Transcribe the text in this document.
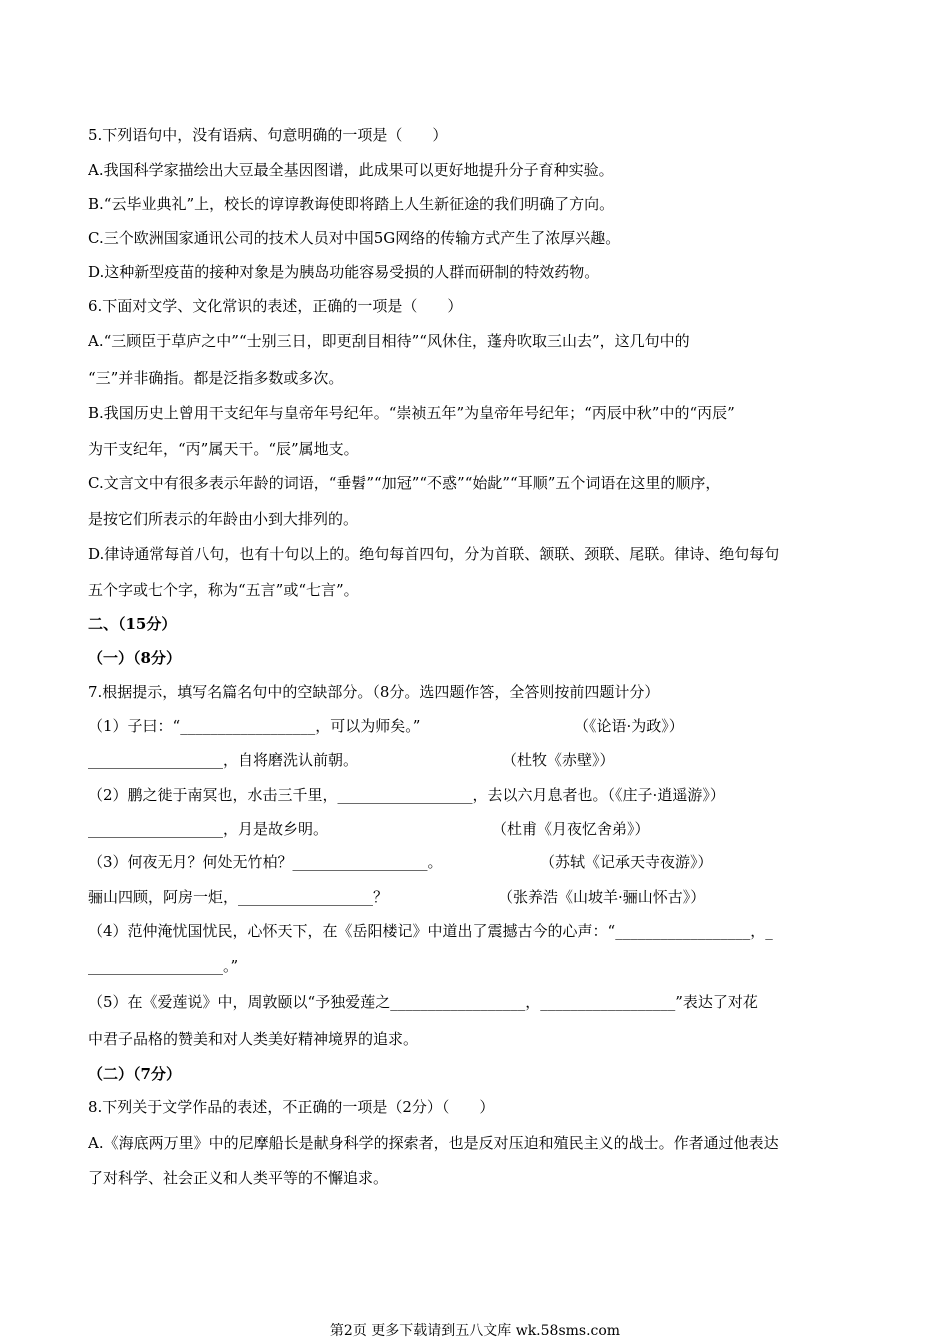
5.下列语句中，没有语病、句意明确的一项是（　　）
A.我国科学家描绘出大豆最全基因图谱，此成果可以更好地提升分子育种实验。
B.“云毕业典礼”上，校长的谆谆教诲使即将踏上人生新征途的我们明确了方向。
C.三个欧洲国家通讯公司的技术人员对中国5G网络的传输方式产生了浓厚兴趣。
D.这种新型疫苗的接种对象是为胰岛功能容易受损的人群而研制的特效药物。
6.下面对文学、文化常识的表述，正确的一项是（　　）
A.“三顾臣于草庐之中”“士别三日，即更刮目相待”“风休住，蓬舟吹取三山去”，这几句中的
“三”并非确指。都是泛指多数或多次。
B.我国历史上曾用干支纪年与皇帝年号纪年。“崇祯五年”为皇帝年号纪年；“丙辰中秋”中的“丙辰”
为干支纪年，“丙”属天干。“辰”属地支。
C.文言文中有很多表示年龄的词语，“垂髫”“加冠”“不惑”“始龀”“耳顺”五个词语在这里的顺序，
是按它们所表示的年龄由小到大排列的。
D.律诗通常每首八句，也有十句以上的。绝句每首四句，分为首联、颔联、颈联、尾联。律诗、绝句每句
五个字或七个字，称为“五言”或“七言”。
二、（15分）
（一）（8分）
7.根据提示，填写名篇名句中的空缺部分。（8分。选四题作答，全答则按前四题计分）
（1）子曰：“__________________，可以为师矣。”	（《论语·为政》）
__________________，自将磨洗认前朝。	（杜牧《赤壁》）
（2）鹏之徙于南冥也，水击三千里，__________________，去以六月息者也。（《庄子·逍遥游》）
__________________，月是故乡明。	（杜甫《月夜忆舍弟》）
（3）何夜无月？何处无竹柏？__________________。	（苏轼《记承天寺夜游》）
骊山四顾，阿房一炬，__________________？	（张养浩《山坡羊·骊山怀古》）
（4）范仲淹忧国忧民，心怀天下，在《岳阳楼记》中道出了震撼古今的心声：“__________________，_
__________________。”
（5）在《爱莲说》中，周敦颐以“予独爱莲之__________________，__________________”表达了对花
中君子品格的赞美和对人类美好精神境界的追求。
（二）（7分）
8.下列关于文学作品的表述，不正确的一项是（2分）（　　）
A.《海底两万里》中的尼摩船长是献身科学的探索者，也是反对压迫和殖民主义的战士。作者通过他表达
了对科学、社会正义和人类平等的不懈追求。
第2页 更多下载请到五八文库 wk.58sms.com
